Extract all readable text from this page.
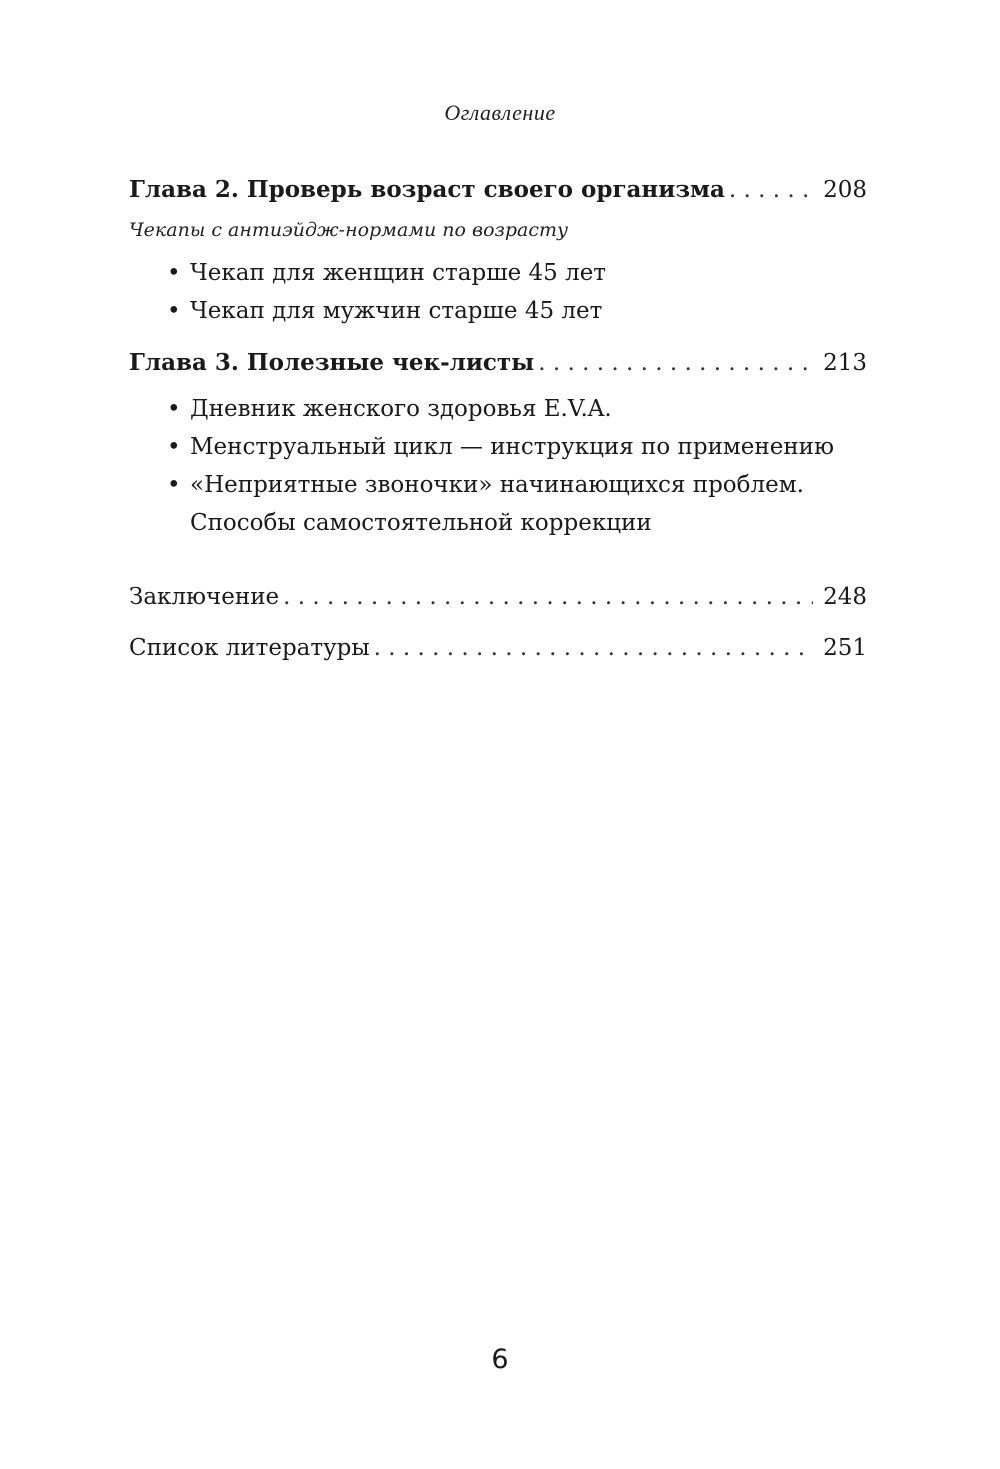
Оглавление
Глава 2. Проверь возраст своего организма . . .	208
Чекапы с антиэйдж-нормами по возрасту
• Чекап для женщин старше 45 лет
• Чекап для мужчин старше 45 лет
Глава 3. Полезные чек-листы . . .	213
• Дневник женского здоровья E.V.A.
• Менструальный цикл — инструкция по применению
• «Неприятные звоночки» начинающихся проблем.
Способы самостоятельной коррекции
Заключение . . .	248
Список литературы . . .	251
6
